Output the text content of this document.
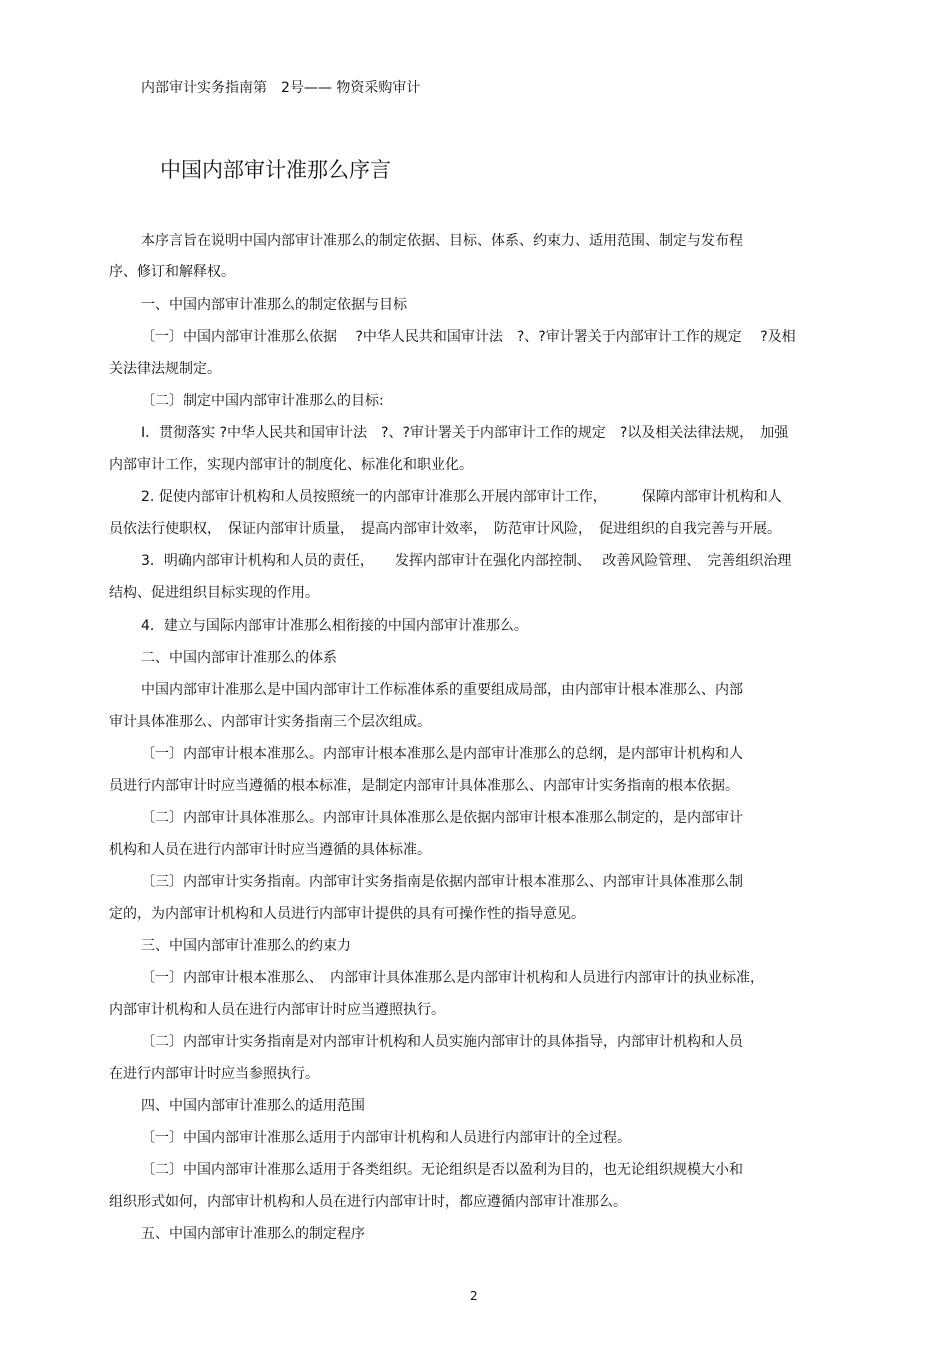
内部审计实务指南第　2号—— 物资采购审计
中国内部审计准那么序言
本序言旨在说明中国内部审计准那么的制定依据、目标、体系、约束力、适用范围、制定与发布程
序、修订和解释权。
一、中国内部审计准那么的制定依据与目标
〔一〕中国内部审计准那么依据　 ?中华人民共和国审计法　?、?审计署关于内部审计工作的规定　 ?及相
关法律法规制定。
〔二〕制定中国内部审计准那么的目标:
I．贯彻落实 ?中华人民共和国审计法　?、?审计署关于内部审计工作的规定　?以及相关法律法规，　加强
内部审计工作，实现内部审计的制度化、标准化和职业化。
2. 促使内部审计机构和人员按照统一的内部审计准那么开展内部审计工作，　　　保障内部审计机构和人
员依法行使职权，　保证内部审计质量，　提高内部审计效率，　防范审计风险，　促进组织的自我完善与开展。
3．明确内部审计机构和人员的责任，　　发挥内部审计在强化内部控制、　 改善风险管理、　完善组织治理
结构、促进组织目标实现的作用。
4．建立与国际内部审计准那么相衔接的中国内部审计准那么。
二、中国内部审计准那么的体系
中国内部审计准那么是中国内部审计工作标准体系的重要组成局部，由内部审计根本准那么、内部
审计具体准那么、内部审计实务指南三个层次组成。
〔一〕内部审计根本准那么。内部审计根本准那么是内部审计准那么的总纲，是内部审计机构和人
员进行内部审计时应当遵循的根本标准，是制定内部审计具体准那么、内部审计实务指南的根本依据。
〔二〕内部审计具体准那么。内部审计具体准那么是依据内部审计根本准那么制定的，是内部审计
机构和人员在进行内部审计时应当遵循的具体标准。
〔三〕内部审计实务指南。内部审计实务指南是依据内部审计根本准那么、内部审计具体准那么制
定的，为内部审计机构和人员进行内部审计提供的具有可操作性的指导意见。
三、中国内部审计准那么的约束力
〔一〕内部审计根本准那么、　内部审计具体准那么是内部审计机构和人员进行内部审计的执业标准，
内部审计机构和人员在进行内部审计时应当遵照执行。
〔二〕内部审计实务指南是对内部审计机构和人员实施内部审计的具体指导，内部审计机构和人员
在进行内部审计时应当参照执行。
四、中国内部审计准那么的适用范围
〔一〕中国内部审计准那么适用于内部审计机构和人员进行内部审计的全过程。
〔二〕中国内部审计准那么适用于各类组织。无论组织是否以盈利为目的，也无论组织规模大小和
组织形式如何，内部审计机构和人员在进行内部审计时，都应遵循内部审计准那么。
五、中国内部审计准那么的制定程序
2
